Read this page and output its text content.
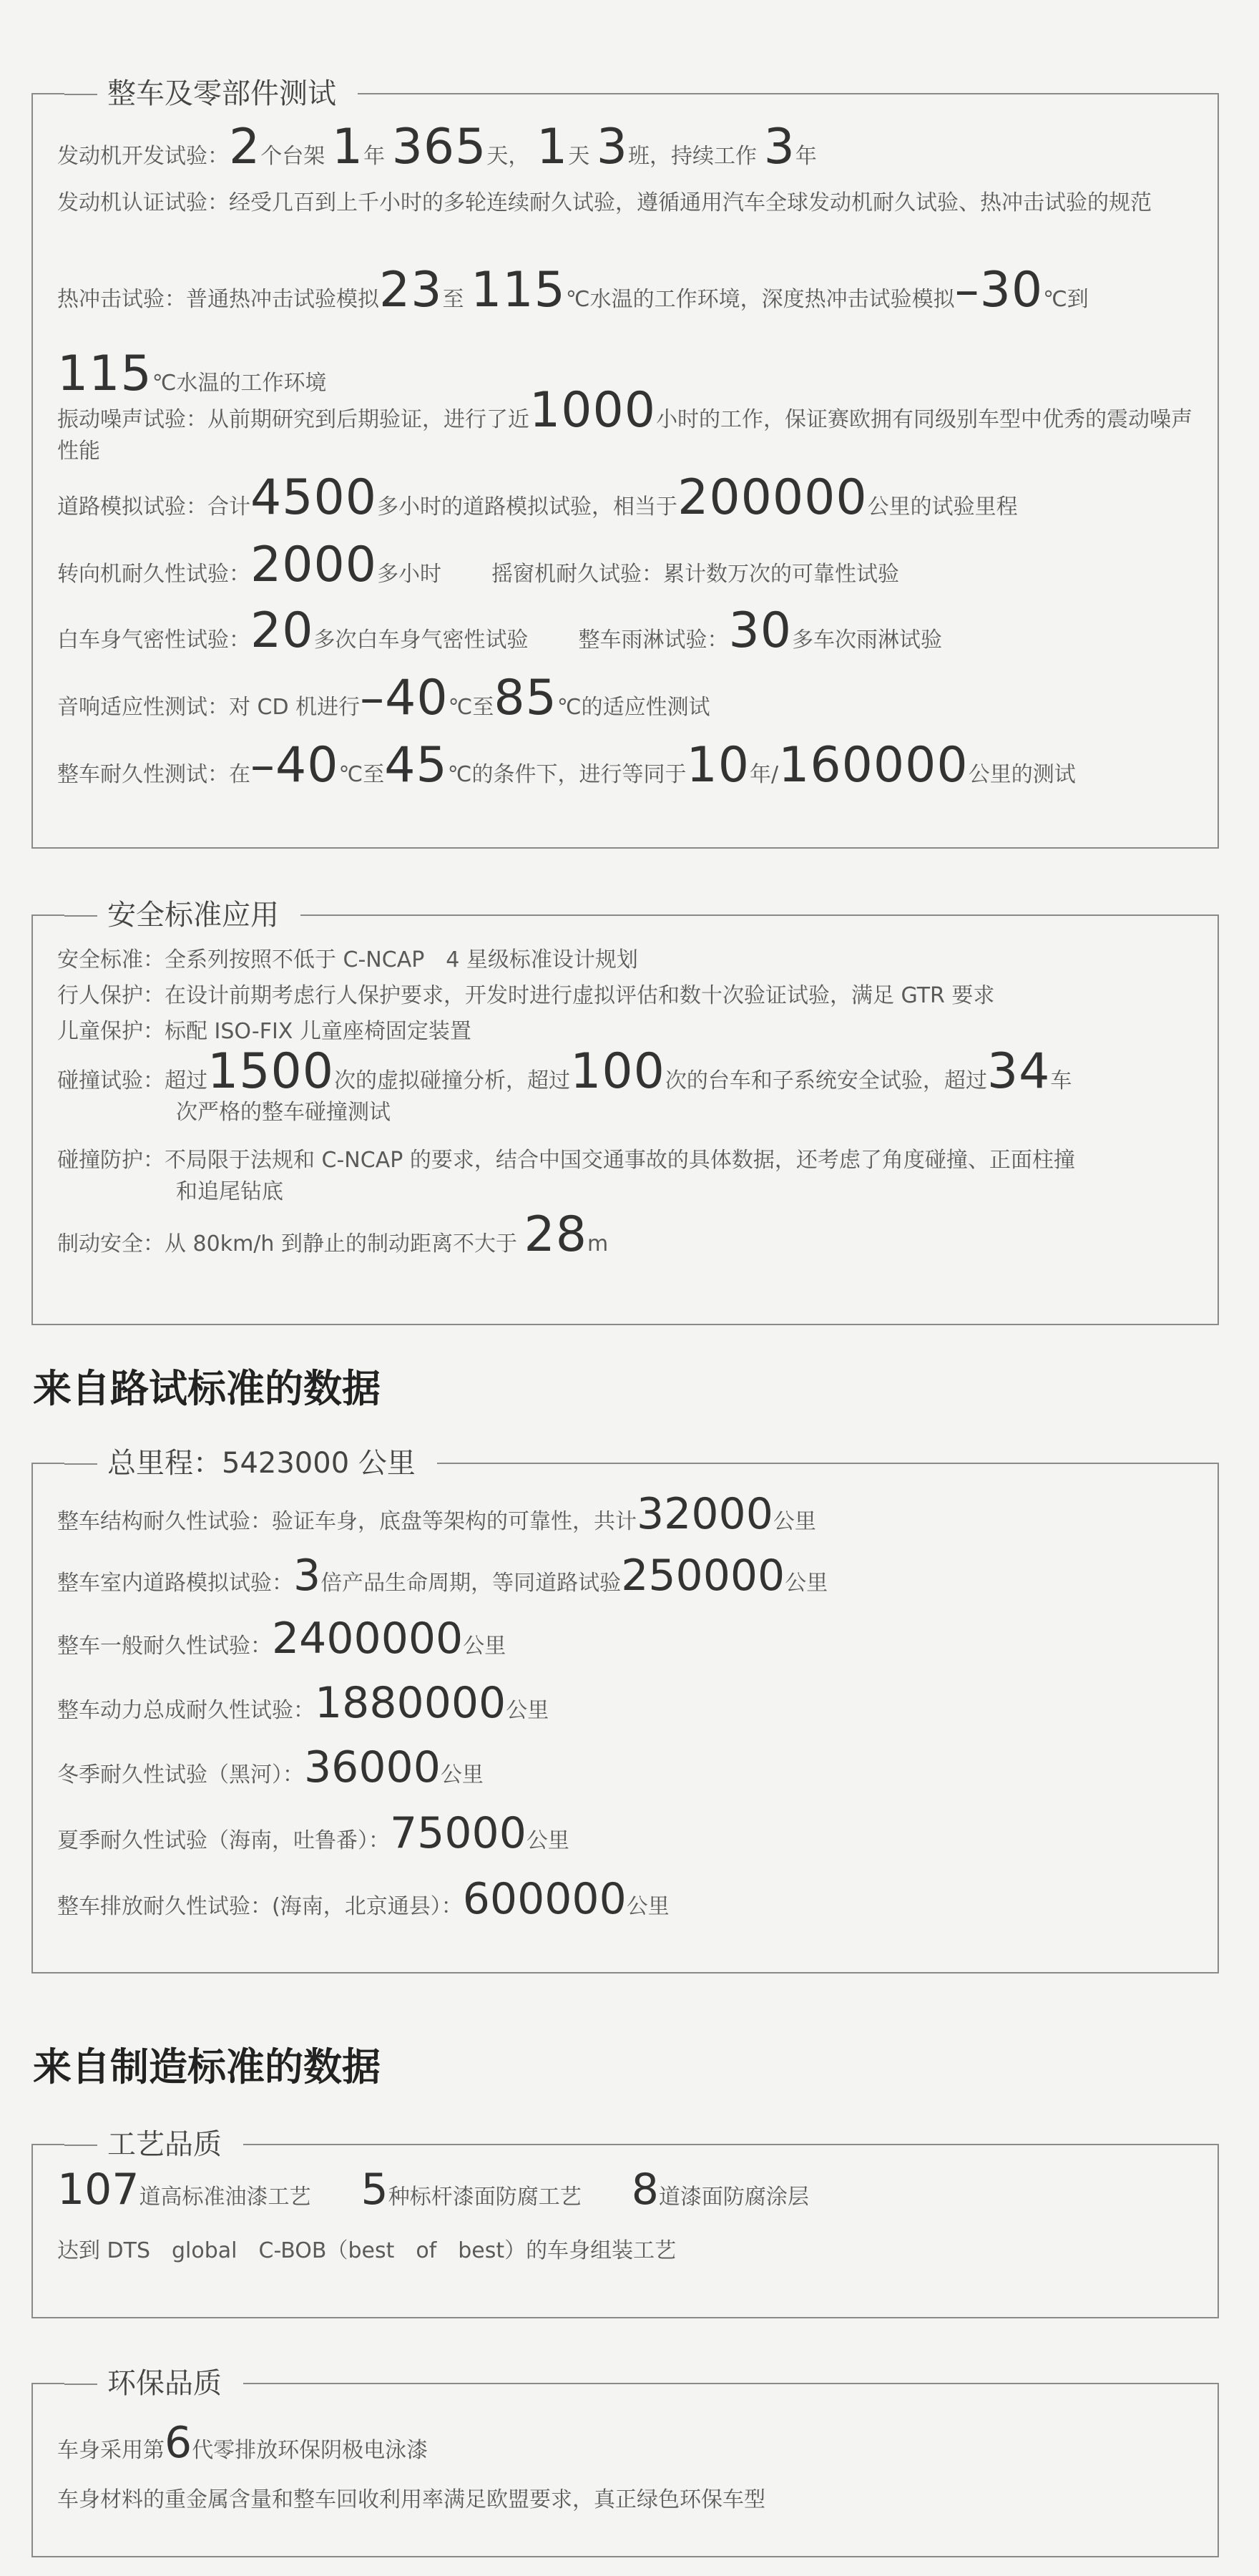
整车及零部件测试
发动机开发试验：2个台架 1年 365天， 1天 3班，持续工作 3年
发动机认证试验：经受几百到上千小时的多轮连续耐久试验，遵循通用汽车全球发动机耐久试验、热冲击试验的规范
热冲击试验：普通热冲击试验模拟23至 115℃水温的工作环境，深度热冲击试验模拟–30℃到
115℃水温的工作环境
振动噪声试验：从前期研究到后期验证，进行了近1000小时的工作，保证赛欧拥有同级别车型中优秀的震动噪声性能
道路模拟试验：合计4500多小时的道路模拟试验，相当于200000公里的试验里程
转向机耐久性试验：2000多小时 摇窗机耐久试验：累计数万次的可靠性试验
白车身气密性试验：20多次白车身气密性试验 整车雨淋试验：30多车次雨淋试验
音响适应性测试：对 CD 机进行–40℃至85℃的适应性测试
整车耐久性测试：在–40℃至45℃的条件下，进行等同于10年/160000公里的测试
安全标准应用
安全标准：全系列按照不低于 C-NCAP　4 星级标准设计规划
行人保护：在设计前期考虑行人保护要求，开发时进行虚拟评估和数十次验证试验，满足 GTR 要求
儿童保护：标配 ISO-FIX 儿童座椅固定装置
碰撞试验：超过1500次的虚拟碰撞分析，超过100次的台车和子系统安全试验，超过34车
次严格的整车碰撞测试
碰撞防护：不局限于法规和 C-NCAP 的要求，结合中国交通事故的具体数据，还考虑了角度碰撞、正面柱撞
和追尾钻底
制动安全：从 80km/h 到静止的制动距离不大于 28m
来自路试标准的数据
总里程：5423000 公里
整车结构耐久性试验：验证车身，底盘等架构的可靠性，共计32000公里
整车室内道路模拟试验：3倍产品生命周期，等同道路试验250000公里
整车一般耐久性试验：2400000公里
整车动力总成耐久性试验：1880000公里
冬季耐久性试验（黑河）：36000公里
夏季耐久性试验（海南，吐鲁番）：75000公里
整车排放耐久性试验：(海南，北京通县）：600000公里
来自制造标准的数据
工艺品质
107道高标准油漆工艺 5种标杆漆面防腐工艺 8道漆面防腐涂层
达到 DTS　global　C-BOB（best　of　best）的车身组装工艺
环保品质
车身采用第6代零排放环保阴极电泳漆
车身材料的重金属含量和整车回收利用率满足欧盟要求，真正绿色环保车型
